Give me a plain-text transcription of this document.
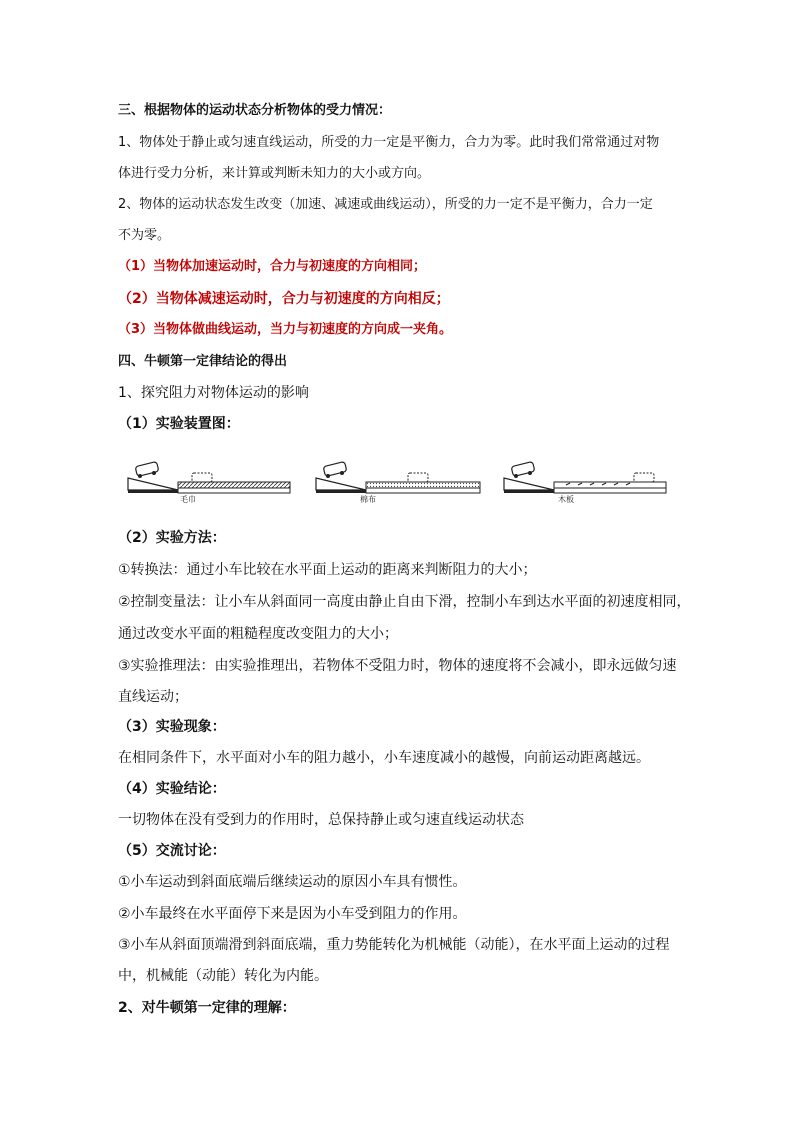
三、根据物体的运动状态分析物体的受力情况：
1、物体处于静止或匀速直线运动，所受的力一定是平衡力，合力为零。此时我们常常通过对物
体进行受力分析，来计算或判断未知力的大小或方向。
2、物体的运动状态发生改变（加速、减速或曲线运动），所受的力一定不是平衡力，合力一定
不为零。
（1）当物体加速运动时，合力与初速度的方向相同；
（2）当物体减速运动时，合力与初速度的方向相反；
（3）当物体做曲线运动，当力与初速度的方向成一夹角。
四、牛顿第一定律结论的得出
1、探究阻力对物体运动的影响
（1）实验装置图：
毛巾	棉布	木板
（2）实验方法：
①转换法：通过小车比较在水平面上运动的距离来判断阻力的大小；
②控制变量法：让小车从斜面同一高度由静止自由下滑，控制小车到达水平面的初速度相同，
通过改变水平面的粗糙程度改变阻力的大小；
③实验推理法：由实验推理出，若物体不受阻力时，物体的速度将不会减小，即永远做匀速
直线运动；
（3）实验现象：
在相同条件下，水平面对小车的阻力越小，小车速度减小的越慢，向前运动距离越远。
（4）实验结论：
一切物体在没有受到力的作用时，总保持静止或匀速直线运动状态
（5）交流讨论：
①小车运动到斜面底端后继续运动的原因小车具有惯性。
②小车最终在水平面停下来是因为小车受到阻力的作用。
③小车从斜面顶端滑到斜面底端，重力势能转化为机械能（动能），在水平面上运动的过程
中，机械能（动能）转化为内能。
2、对牛顿第一定律的理解：
